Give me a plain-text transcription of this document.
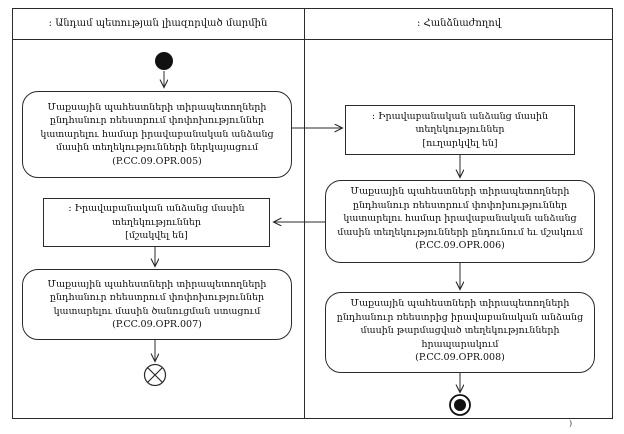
: Անդամ պետության լիազորված մարմին	: Հանձնաժողով
Մաքսային պահեստների տիրապետողների ընդհանուր ռեեստրում փոփոխություններ կատարելու համար իրավաբանական անձանց մասին տեղեկությունների ներկայացում
(P.CC.09.OPR.005)
: Իրավաբանական անձանց մասին տեղեկություններ
[մշակվել են]
Մաքսային պահեստների տիրապետողների ընդհանուր ռեեստրում փոփոխություններ կատարելու մասին ծանուցման ստացում (P.CC.09.OPR.007)
: Իրավաբանական անձանց մասին տեղեկություններ
[ուղարկվել են]
Մաքսային պահեստների տիրապետողների ընդհանուր ռեեստրում փոփոխություններ կատարելու համար իրավաբանական անձանց մասին տեղեկությունների ընդունում եւ մշակում (P.CC.09.OPR.006)
Մաքսային պահեստների տիրապետողների ընդհանուր ռեեստրից իրավաբանական անձանց մասին թարմացված տեղեկությունների հրապարակում
(P.CC.09.OPR.008)
)
